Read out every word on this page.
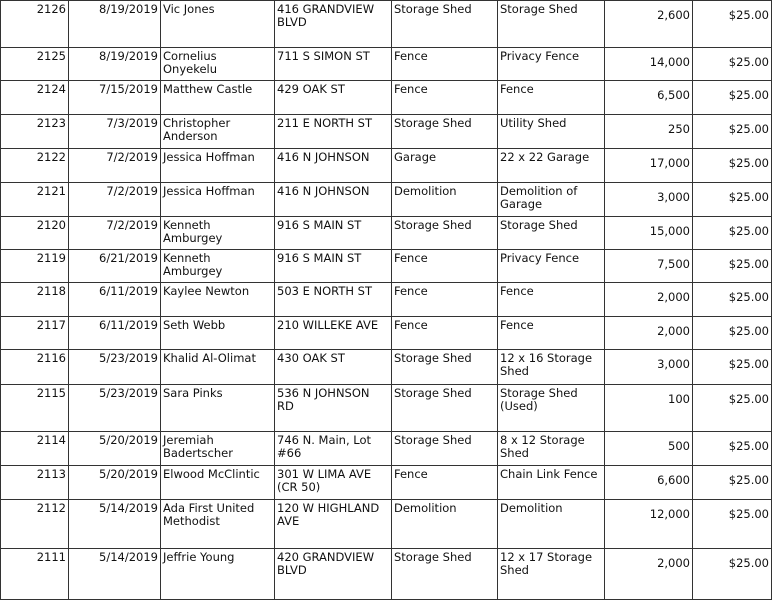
2126	8/19/2019	Vic Jones	416 GRANDVIEW BLVD	Storage Shed	Storage Shed	2,600	$25.00
2125	8/19/2019	Cornelius Onyekelu	711 S SIMON ST	Fence	Privacy Fence	14,000	$25.00
2124	7/15/2019	Matthew Castle	429 OAK ST	Fence	Fence	6,500	$25.00
2123	7/3/2019	Christopher Anderson	211 E NORTH ST	Storage Shed	Utility Shed	250	$25.00
2122	7/2/2019	Jessica Hoffman	416 N JOHNSON	Garage	22 x 22 Garage	17,000	$25.00
2121	7/2/2019	Jessica Hoffman	416 N JOHNSON	Demolition	Demolition of Garage	3,000	$25.00
2120	7/2/2019	Kenneth Amburgey	916 S MAIN ST	Storage Shed	Storage Shed	15,000	$25.00
2119	6/21/2019	Kenneth Amburgey	916 S MAIN ST	Fence	Privacy Fence	7,500	$25.00
2118	6/11/2019	Kaylee Newton	503 E NORTH ST	Fence	Fence	2,000	$25.00
2117	6/11/2019	Seth Webb	210 WILLEKE AVE	Fence	Fence	2,000	$25.00
2116	5/23/2019	Khalid Al-Olimat	430 OAK ST	Storage Shed	12 x 16 Storage Shed	3,000	$25.00
2115	5/23/2019	Sara Pinks	536 N JOHNSON RD	Storage Shed	Storage Shed (Used)	100	$25.00
2114	5/20/2019	Jeremiah Badertscher	746 N. Main, Lot #66	Storage Shed	8 x 12 Storage Shed	500	$25.00
2113	5/20/2019	Elwood McClintic	301 W LIMA AVE (CR 50)	Fence	Chain Link Fence	6,600	$25.00
2112	5/14/2019	Ada First United Methodist	120 W HIGHLAND AVE	Demolition	Demolition	12,000	$25.00
2111	5/14/2019	Jeffrie Young	420 GRANDVIEW BLVD	Storage Shed	12 x 17 Storage Shed	2,000	$25.00
